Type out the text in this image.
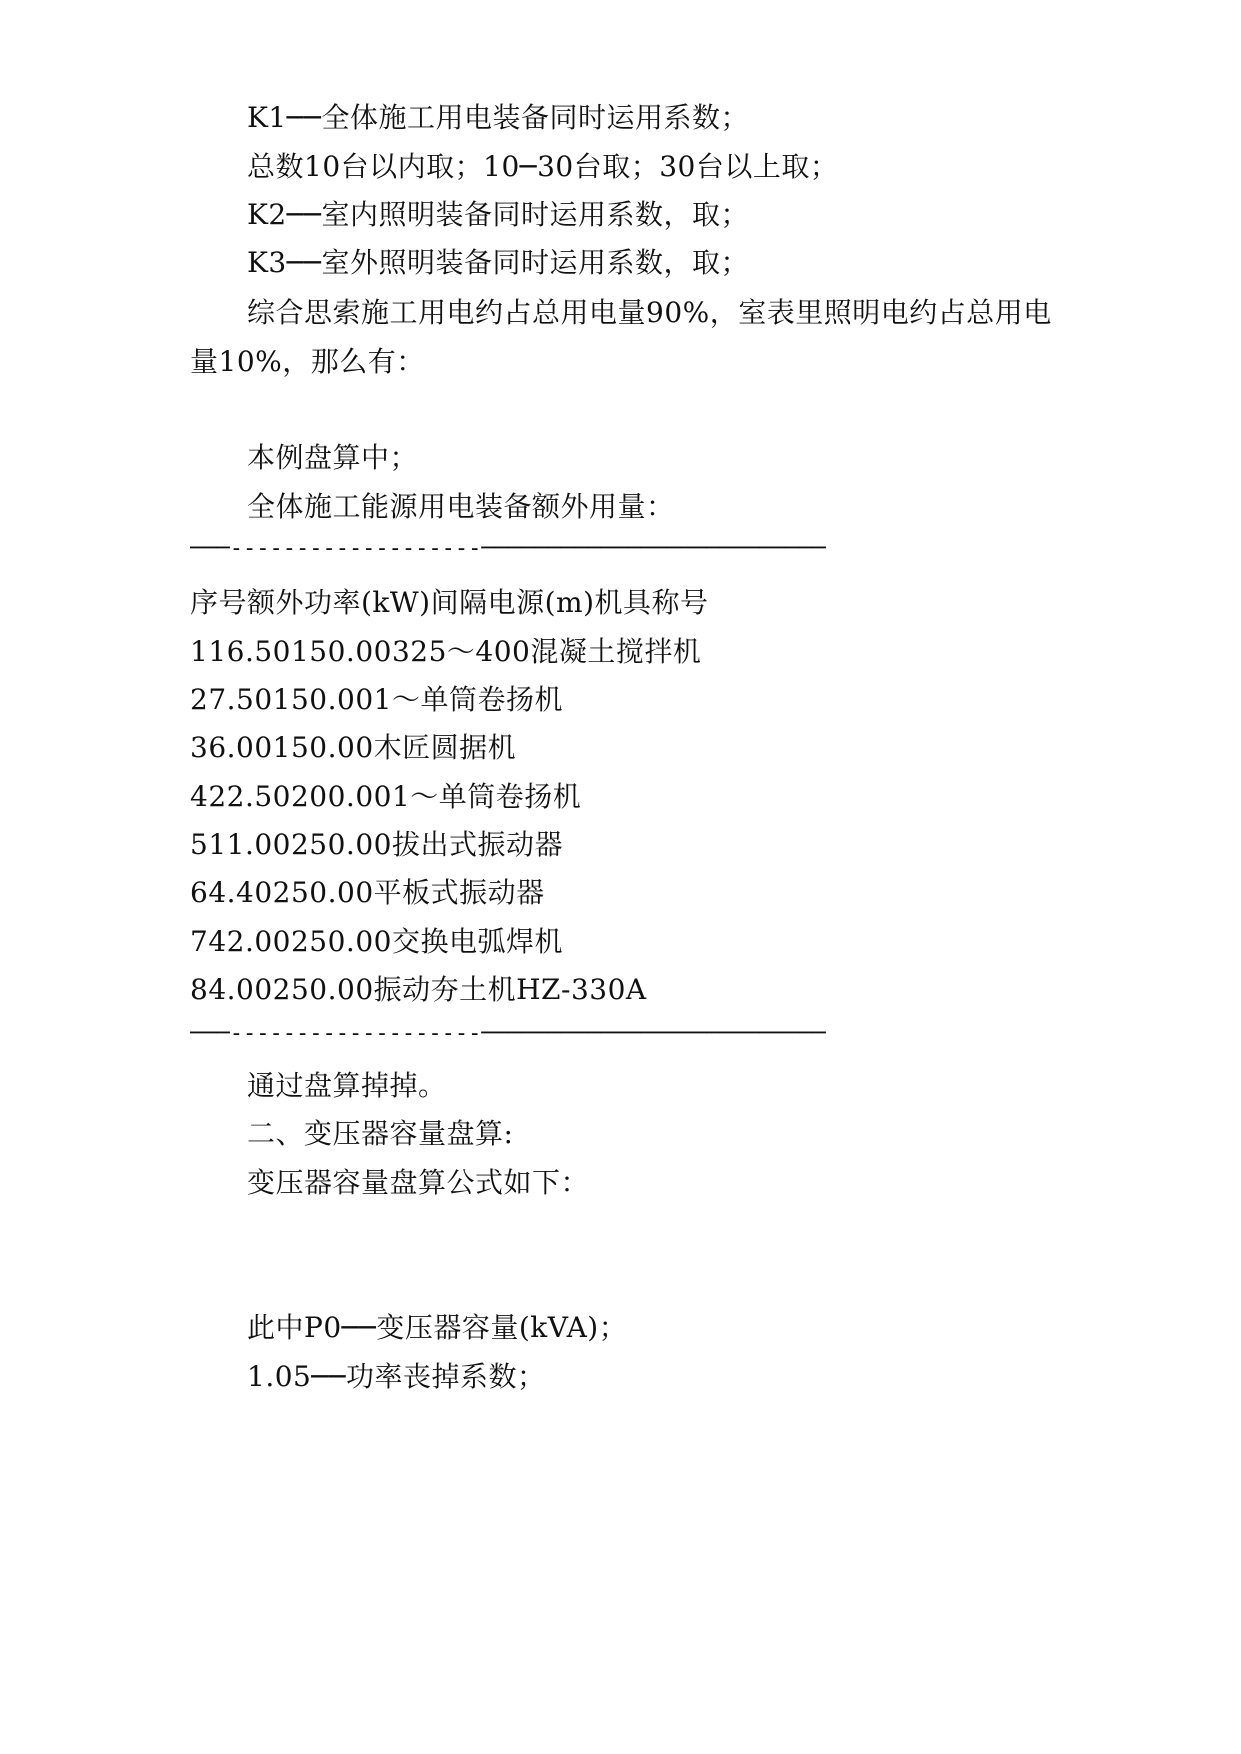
K1──全体施工用电装备同时运用系数；
总数10台以内取；10─30台取；30台以上取；
K2──室内照明装备同时运用系数，取；
K3──室外照明装备同时运用系数，取；
综合思索施工用电约占总用电量90%，室表里照明电约占总用电
量10%，那么有：
本例盘算中；
全体施工能源用电装备额外用量：
───-------------------──────────────────────────
序号额外功率(kW)间隔电源(m)机具称号
116.50150.00325～400混凝土搅拌机
27.50150.001～单筒卷扬机
36.00150.00木匠圆据机
422.50200.001～单筒卷扬机
511.00250.00拔出式振动器
64.40250.00平板式振动器
742.00250.00交换电弧焊机
84.00250.00振动夯土机HZ-330A
───-------------------──────────────────────────
通过盘算掉掉。
二、变压器容量盘算:
变压器容量盘算公式如下：
此中P0──变压器容量(kVA)；
1.05──功率丧掉系数；
